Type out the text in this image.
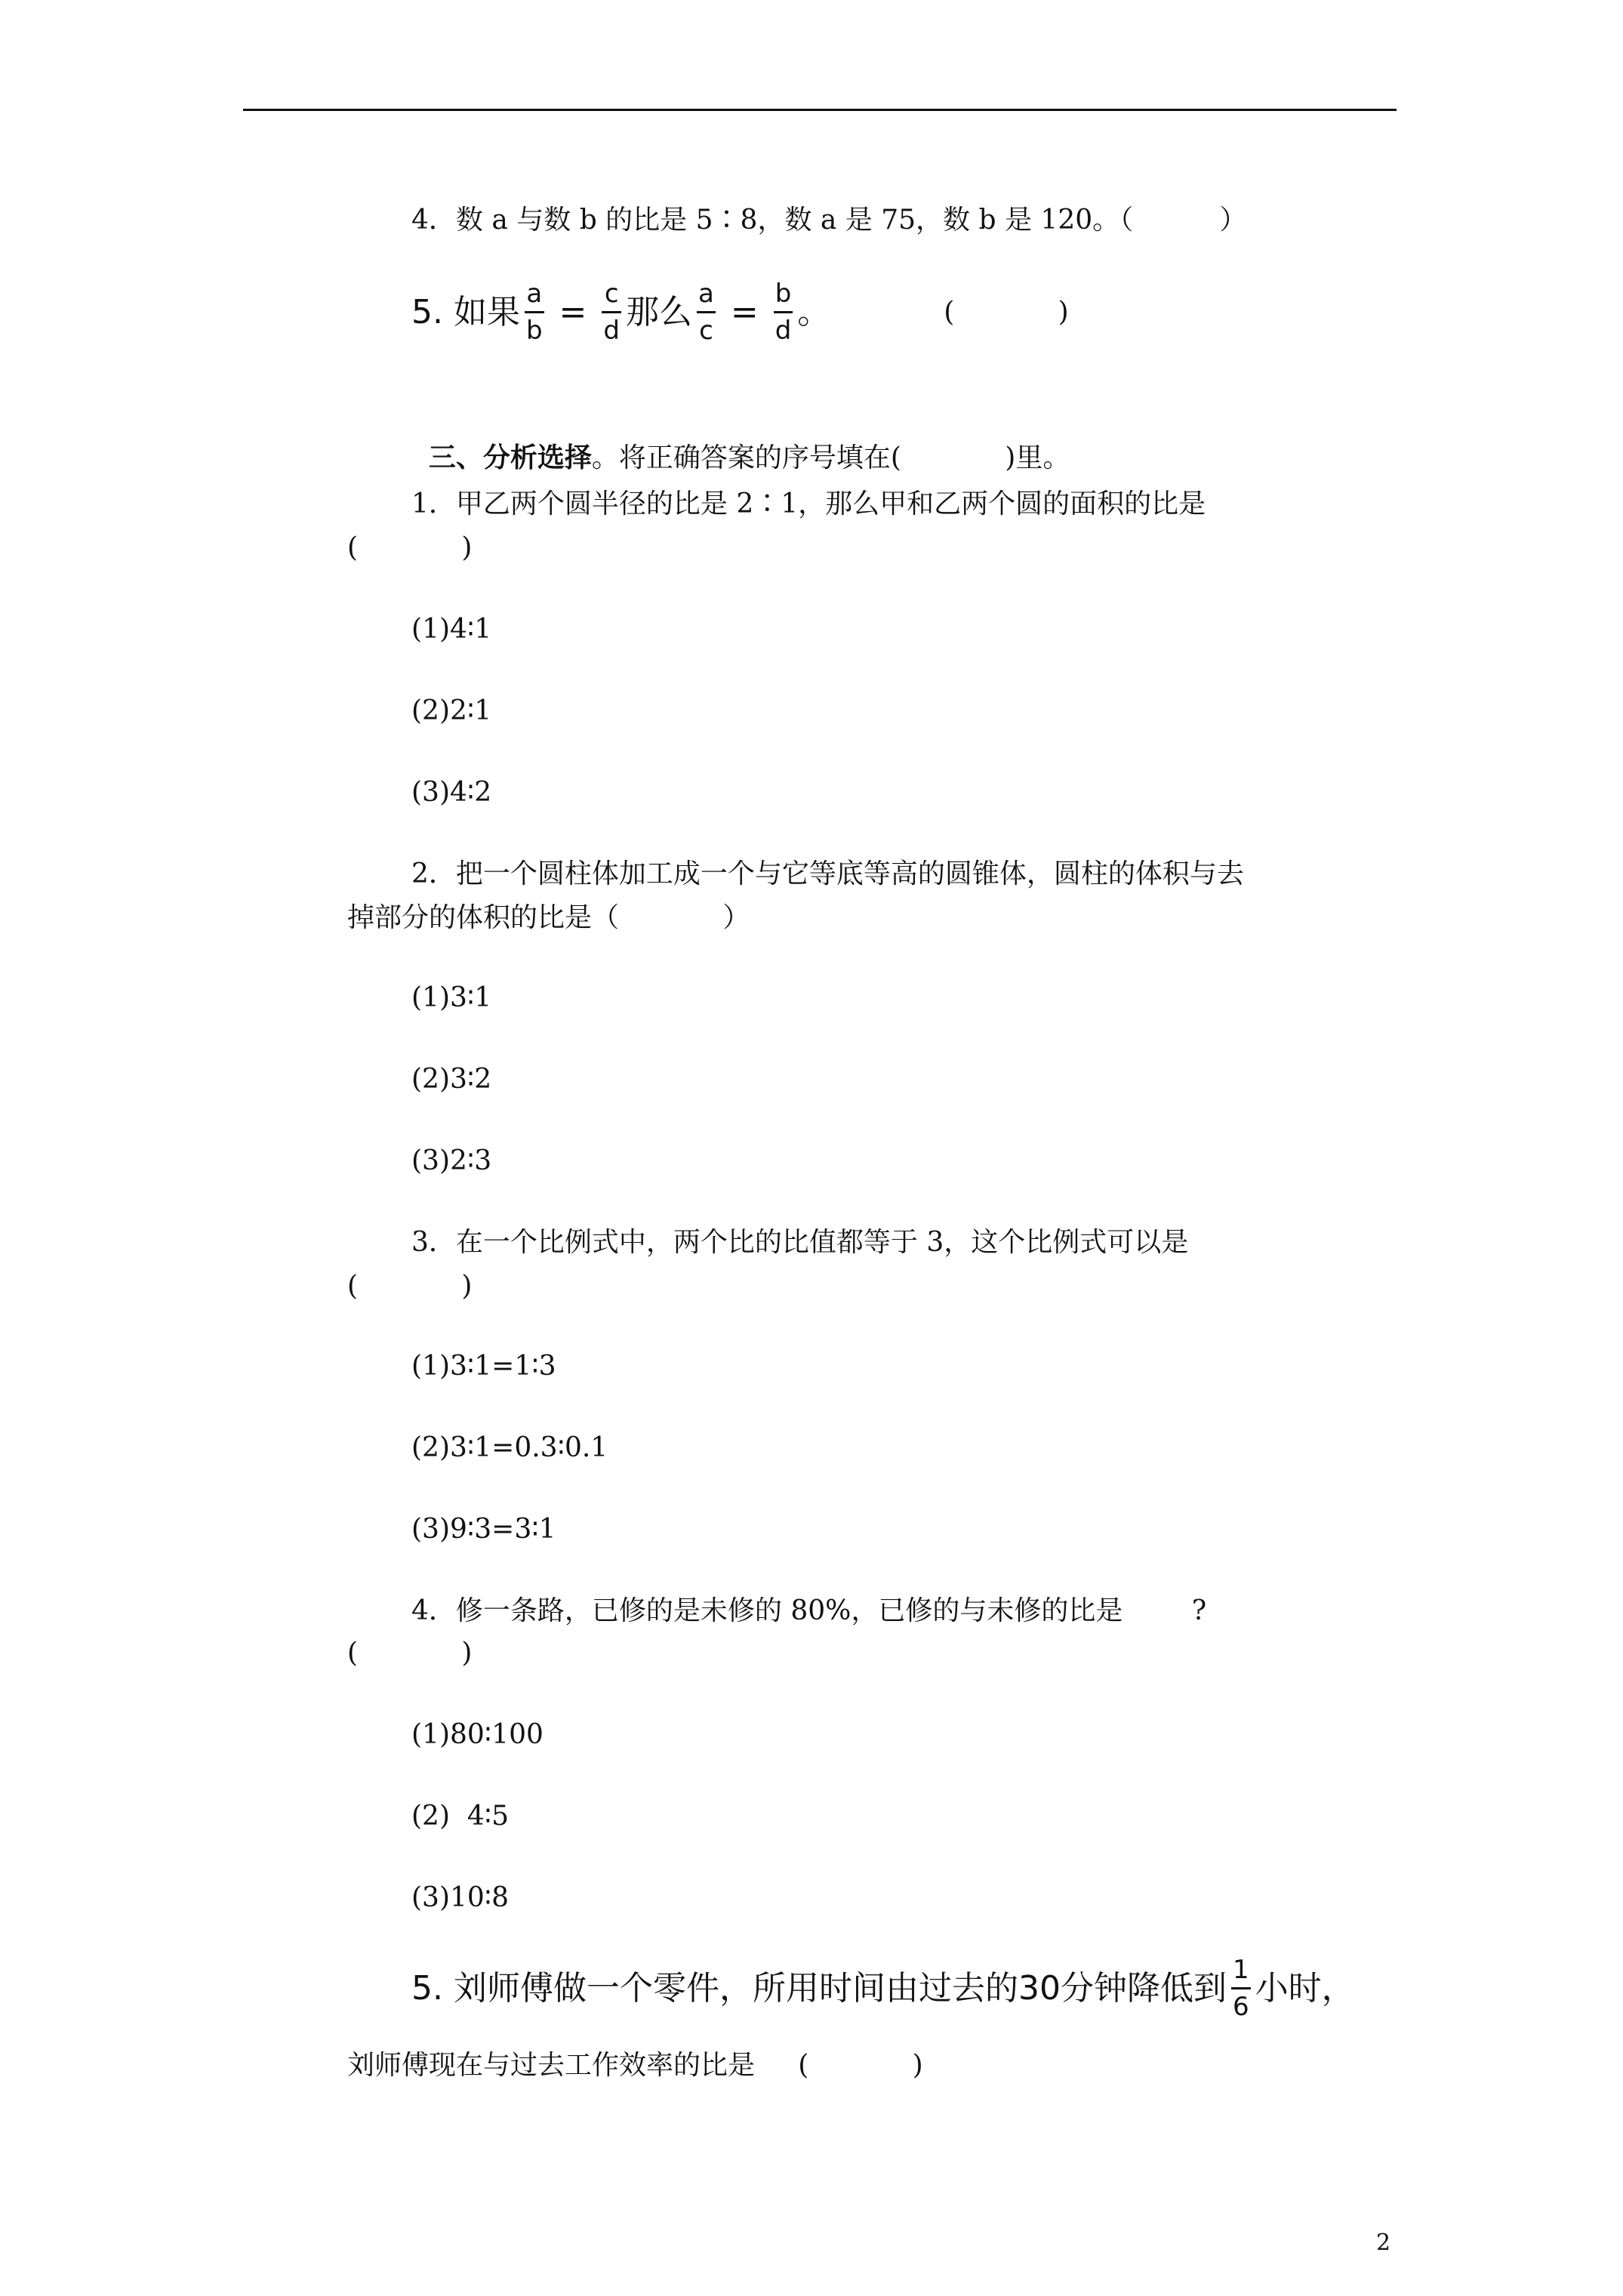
4．数 a 与数 b 的比是 5∶8，数 a 是 75，数 b 是 120。（          ）
5. 如果 $\frac{a}{b} = \frac{c}{d}$ 那么 $\frac{a}{c} = \frac{b}{d}$ 。	(            )

三、分析选择。将正确答案的序号填在(            )里。

1．甲乙两个圆半径的比是 2∶1，那么甲和乙两个圆的面积的比是
(            )
(1)4∶1
(2)2∶1
(3)4∶2
2．把一个圆柱体加工成一个与它等底等高的圆锥体，圆柱的体积与去
掉部分的体积的比是（            ）
(1)3∶1
(2)3∶2
(3)2∶3
3．在一个比例式中，两个比的比值都等于 3，这个比例式可以是
(            )
(1)3∶1=1∶3
(2)3∶1=0.3∶0.1
(3)9∶3=3∶1
4．修一条路，已修的是未修的 80%，已修的与未修的比是        ?
(            )
(1)80∶100
(2)  4∶5
(3)10∶8
5. 刘师傅做一个零件，所用时间由过去的30分钟降低到 $\frac{1}{6}$ 小时，
刘师傅现在与过去工作效率的比是     (            )
2
